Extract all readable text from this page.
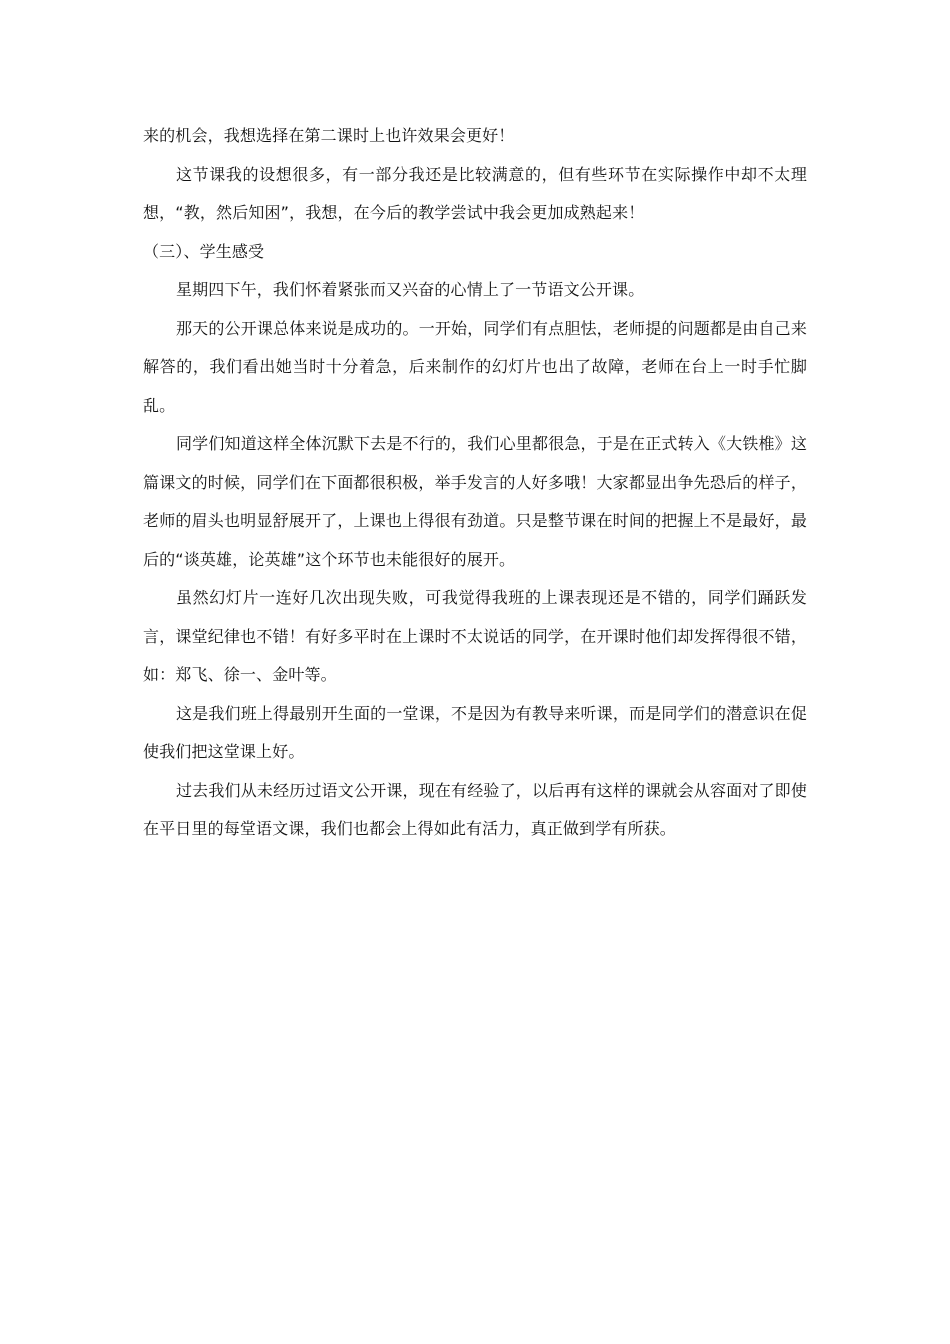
来的机会，我想选择在第二课时上也许效果会更好！

这节课我的设想很多，有一部分我还是比较满意的，但有些环节在实际操作中却不太理想，“教，然后知困”，我想，在今后的教学尝试中我会更加成熟起来！

（三）、学生感受

星期四下午，我们怀着紧张而又兴奋的心情上了一节语文公开课。

那天的公开课总体来说是成功的。一开始，同学们有点胆怯，老师提的问题都是由自己来解答的，我们看出她当时十分着急，后来制作的幻灯片也出了故障，老师在台上一时手忙脚乱。

同学们知道这样全体沉默下去是不行的，我们心里都很急，于是在正式转入《大铁椎》这篇课文的时候，同学们在下面都很积极，举手发言的人好多哦！大家都显出争先恐后的样子，老师的眉头也明显舒展开了，上课也上得很有劲道。只是整节课在时间的把握上不是最好，最后的“谈英雄，论英雄”这个环节也未能很好的展开。

虽然幻灯片一连好几次出现失败，可我觉得我班的上课表现还是不错的，同学们踊跃发言，课堂纪律也不错！有好多平时在上课时不太说话的同学，在开课时他们却发挥得很不错，如：郑飞、徐一、金叶等。

这是我们班上得最别开生面的一堂课，不是因为有教导来听课，而是同学们的潜意识在促使我们把这堂课上好。

过去我们从未经历过语文公开课，现在有经验了，以后再有这样的课就会从容面对了即使在平日里的每堂语文课，我们也都会上得如此有活力，真正做到学有所获。
